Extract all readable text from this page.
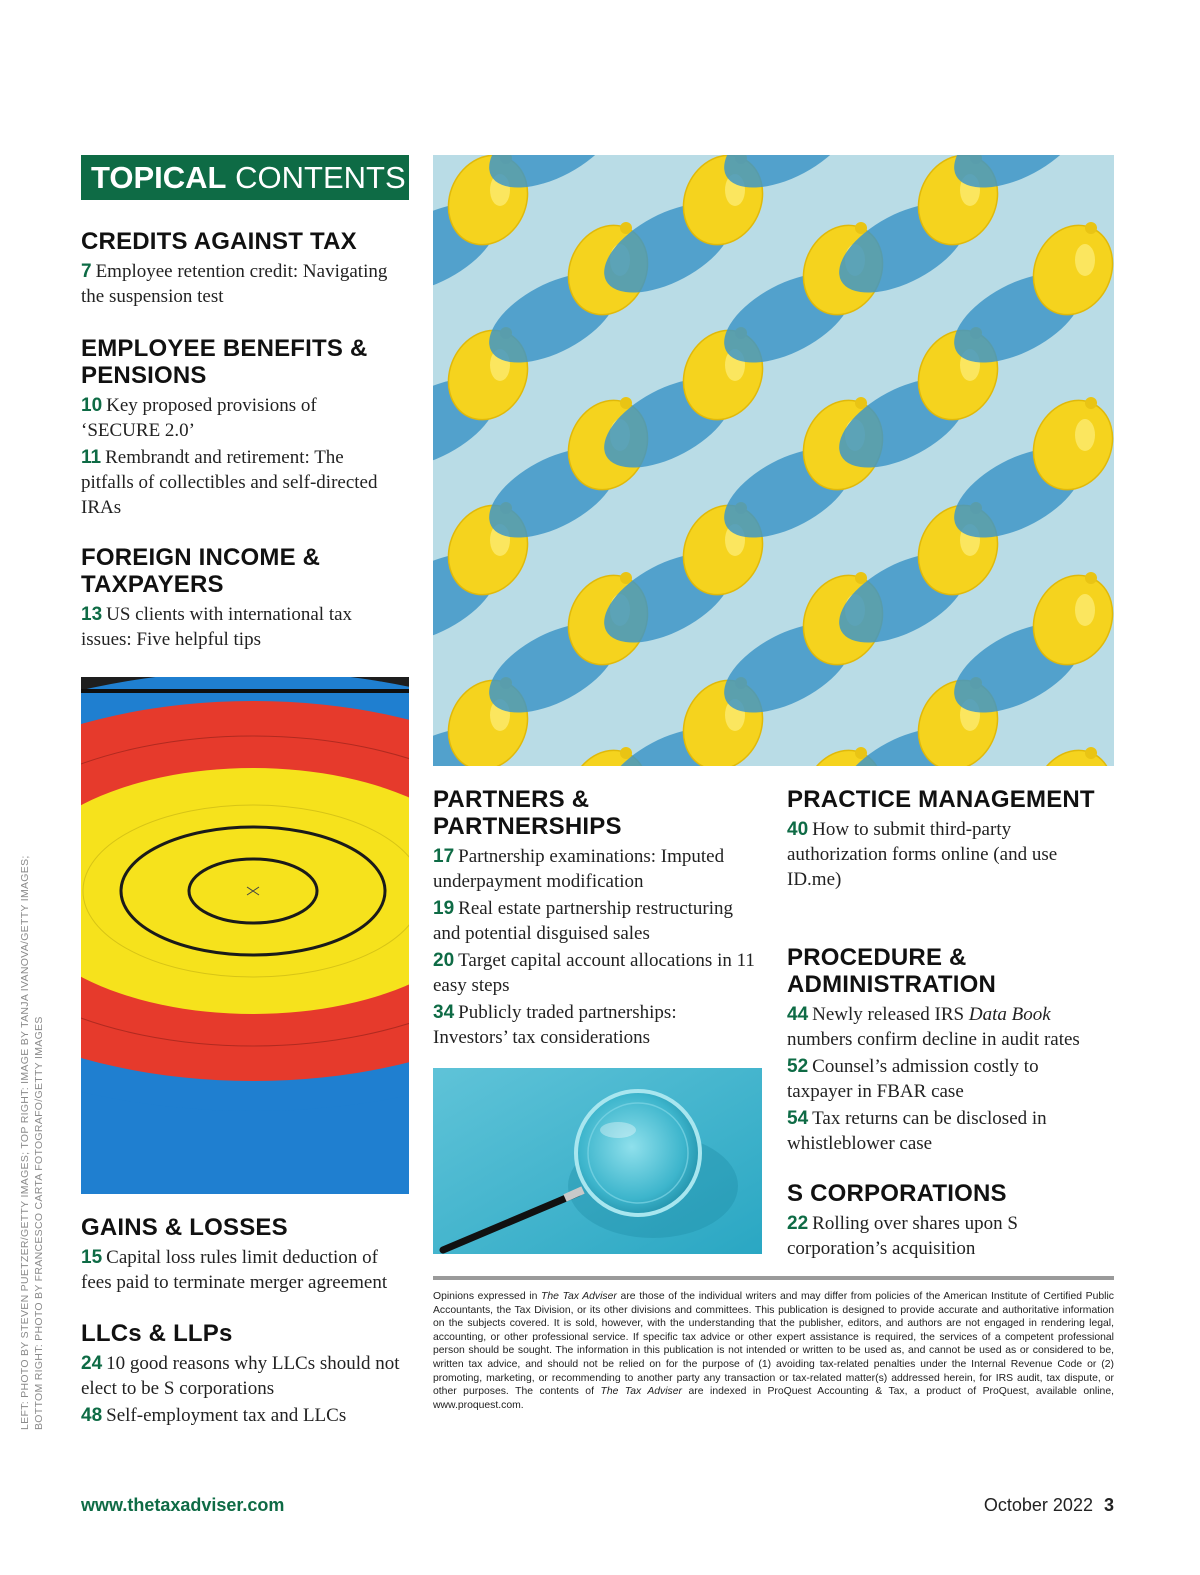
TOPICAL CONTENTS
CREDITS AGAINST TAX
7 Employee retention credit: Navigating the suspension test
EMPLOYEE BENEFITS & PENSIONS
10 Key proposed provisions of ‘SECURE 2.0’
11 Rembrandt and retirement: The pitfalls of collectibles and self-directed IRAs
FOREIGN INCOME & TAXPAYERS
13 US clients with international tax issues: Five helpful tips
GAINS & LOSSES
15 Capital loss rules limit deduction of fees paid to terminate merger agreement
LLCs & LLPs
24 10 good reasons why LLCs should not elect to be S corporations
48 Self-employment tax and LLCs
PARTNERS & PARTNERSHIPS
17 Partnership examinations: Imputed underpayment modification
19 Real estate partnership restructuring and potential disguised sales
20 Target capital account allocations in 11 easy steps
34 Publicly traded partnerships: Investors’ tax considerations
PRACTICE MANAGEMENT
40 How to submit third-party authorization forms online (and use ID.me)
PROCEDURE & ADMINISTRATION
44 Newly released IRS Data Book numbers confirm decline in audit rates
52 Counsel’s admission costly to taxpayer in FBAR case
54 Tax returns can be disclosed in whistleblower case
S CORPORATIONS
22 Rolling over shares upon S corporation’s acquisition
Opinions expressed in The Tax Adviser are those of the individual writers and may differ from policies of the American Institute of Certified Public Accountants, the Tax Division, or its other divisions and committees. This publication is designed to provide accurate and authoritative information on the subjects covered. It is sold, however, with the understanding that the publisher, editors, and authors are not engaged in rendering legal, accounting, or other professional service. If specific tax advice or other expert assistance is required, the services of a competent professional person should be sought. The information in this publication is not intended or written to be used as, and cannot be used as or considered to be, written tax advice, and should not be relied on for the purpose of (1) avoiding tax-related penalties under the Internal Revenue Code or (2) promoting, marketing, or recommending to another party any transaction or tax-related matter(s) addressed herein, for IRS audit, tax dispute, or other purposes. The contents of The Tax Adviser are indexed in ProQuest Accounting & Tax, a product of ProQuest, available online, www.proquest.com.
LEFT: PHOTO BY STEVEN PUETZER/GETTY IMAGES; TOP RIGHT: IMAGE BY TANJA IVANOVA/GETTY IMAGES; BOTTOM RIGHT: PHOTO BY FRANCESCO CARTA FOTOGRAFO/GETTY IMAGES
www.thetaxadviser.com	October 2022 3
